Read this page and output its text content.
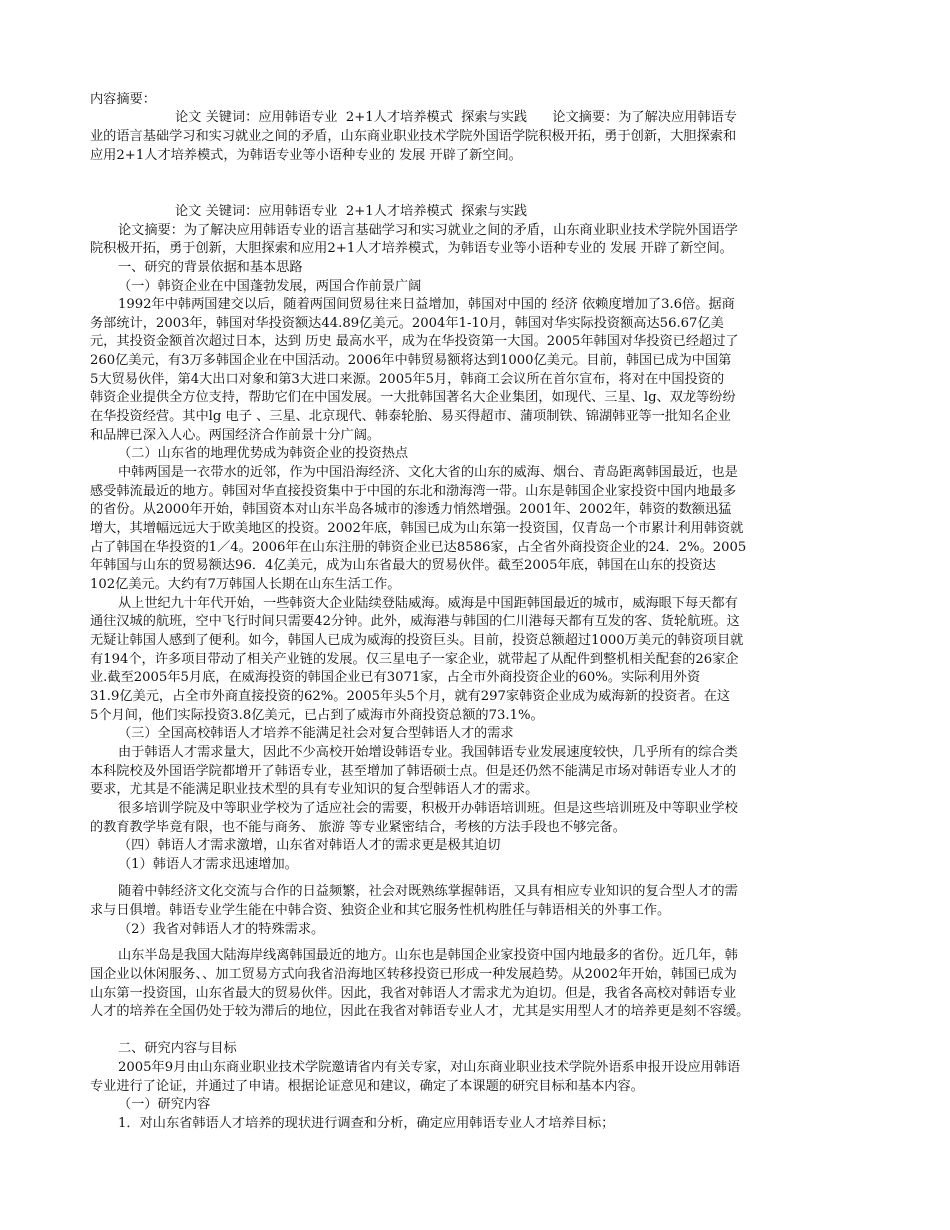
内容摘要：
论文 关键词：应用韩语专业  2+1人才培养模式  探索与实践      论文摘要：为了解决应用韩语专
业的语言基础学习和实习就业之间的矛盾，山东商业职业技术学院外国语学院积极开拓，勇于创新，大胆探索和
应用2+1人才培养模式，为韩语专业等小语种专业的 发展 开辟了新空间。
论文 关键词：应用韩语专业  2+1人才培养模式  探索与实践
论文摘要：为了解决应用韩语专业的语言基础学习和实习就业之间的矛盾，山东商业职业技术学院外国语学
院积极开拓，勇于创新，大胆探索和应用2+1人才培养模式，为韩语专业等小语种专业的 发展 开辟了新空间。
一、研究的背景依据和基本思路
（一）韩资企业在中国蓬勃发展，两国合作前景广阔
1992年中韩两国建交以后，随着两国间贸易往来日益增加，韩国对中国的 经济 依赖度增加了3.6倍。据商
务部统计，2003年，韩国对华投资额达44.89亿美元。2004年1-10月，韩国对华实际投资额高达56.67亿美
元，其投资金额首次超过日本，达到 历史 最高水平，成为在华投资第一大国。2005年韩国对华投资已经超过了
260亿美元，有3万多韩国企业在中国活动。2006年中韩贸易额将达到1000亿美元。目前，韩国已成为中国第
5大贸易伙伴，第4大出口对象和第3大进口来源。2005年5月，韩商工会议所在首尔宣布，将对在中国投资的
韩资企业提供全方位支持，帮助它们在中国发展。一大批韩国著名大企业集团，如现代、三星、lg、双龙等纷纷
在华投资经营。其中lg 电子 、三星、北京现代、韩泰轮胎、易买得超市、蒲项制铁、锦湖韩亚等一批知名企业
和品牌已深入人心。两国经济合作前景十分广阔。
（二）山东省的地理优势成为韩资企业的投资热点
中韩两国是一衣带水的近邻，作为中国沿海经济、文化大省的山东的威海、烟台、青岛距离韩国最近，也是
感受韩流最近的地方。韩国对华直接投资集中于中国的东北和渤海湾一带。山东是韩国企业家投资中国内地最多
的省份。从2000年开始，韩国资本对山东半岛各城市的渗透力悄然增强。2001年、2002年，韩资的数额迅猛
增大，其增幅远远大于欧美地区的投资。2002年底，韩国已成为山东第一投资国，仅青岛一个市累计利用韩资就
占了韩国在华投资的1／4。2006年在山东注册的韩资企业已达8586家，占全省外商投资企业的24．2%。2005
年韩国与山东的贸易额达96．4亿美元，成为山东省最大的贸易伙伴。截至2005年底，韩国在山东的投资达
102亿美元。大约有7万韩国人长期在山东生活工作。
从上世纪九十年代开始，一些韩资大企业陆续登陆威海。威海是中国距韩国最近的城市，威海眼下每天都有
通往汉城的航班，空中飞行时间只需要42分钟。此外，威海港与韩国的仁川港每天都有互发的客、货轮航班。这
无疑让韩国人感到了便利。如今，韩国人已成为威海的投资巨头。目前，投资总额超过1000万美元的韩资项目就
有194个，许多项目带动了相关产业链的发展。仅三星电子一家企业，就带起了从配件到整机相关配套的26家企
业.截至2005年5月底，在威海投资的韩国企业已有3071家，占全市外商投资企业的60%。实际利用外资
31.9亿美元，占全市外商直接投资的62%。2005年头5个月，就有297家韩资企业成为威海新的投资者。在这
5个月间，他们实际投资3.8亿美元，已占到了威海市外商投资总额的73.1%。
（三）全国高校韩语人才培养不能满足社会对复合型韩语人才的需求
由于韩语人才需求量大，因此不少高校开始增设韩语专业。我国韩语专业发展速度较快，几乎所有的综合类
本科院校及外国语学院都增开了韩语专业，甚至增加了韩语硕士点。但是还仍然不能满足市场对韩语专业人才的
要求，尤其是不能满足职业技术型的具有专业知识的复合型韩语人才的需求。
很多培训学院及中等职业学校为了适应社会的需要，积极开办韩语培训班。但是这些培训班及中等职业学校
的教育教学毕竟有限，也不能与商务、 旅游 等专业紧密结合，考核的方法手段也不够完备。
（四）韩语人才需求激增，山东省对韩语人才的需求更是极其迫切
（1）韩语人才需求迅速增加。
随着中韩经济文化交流与合作的日益频繁，社会对既熟练掌握韩语，又具有相应专业知识的复合型人才的需
求与日俱增。韩语专业学生能在中韩合资、独资企业和其它服务性机构胜任与韩语相关的外事工作。
（2）我省对韩语人才的特殊需求。
山东半岛是我国大陆海岸线离韩国最近的地方。山东也是韩国企业家投资中国内地最多的省份。近几年，韩
国企业以休闲服务、、加工贸易方式向我省沿海地区转移投资已形成一种发展趋势。从2002年开始，韩国已成为
山东第一投资国，山东省最大的贸易伙伴。因此，我省对韩语人才需求尤为迫切。但是，我省各高校对韩语专业
人才的培养在全国仍处于较为滞后的地位，因此在我省对韩语专业人才，尤其是实用型人才的培养更是刻不容缓。
二、研究内容与目标
2005年9月由山东商业职业技术学院邀请省内有关专家，对山东商业职业技术学院外语系申报开设应用韩语
专业进行了论证，并通过了申请。根据论证意见和建议，确定了本课题的研究目标和基本内容。
（一）研究内容
1．对山东省韩语人才培养的现状进行调查和分析，确定应用韩语专业人才培养目标；
